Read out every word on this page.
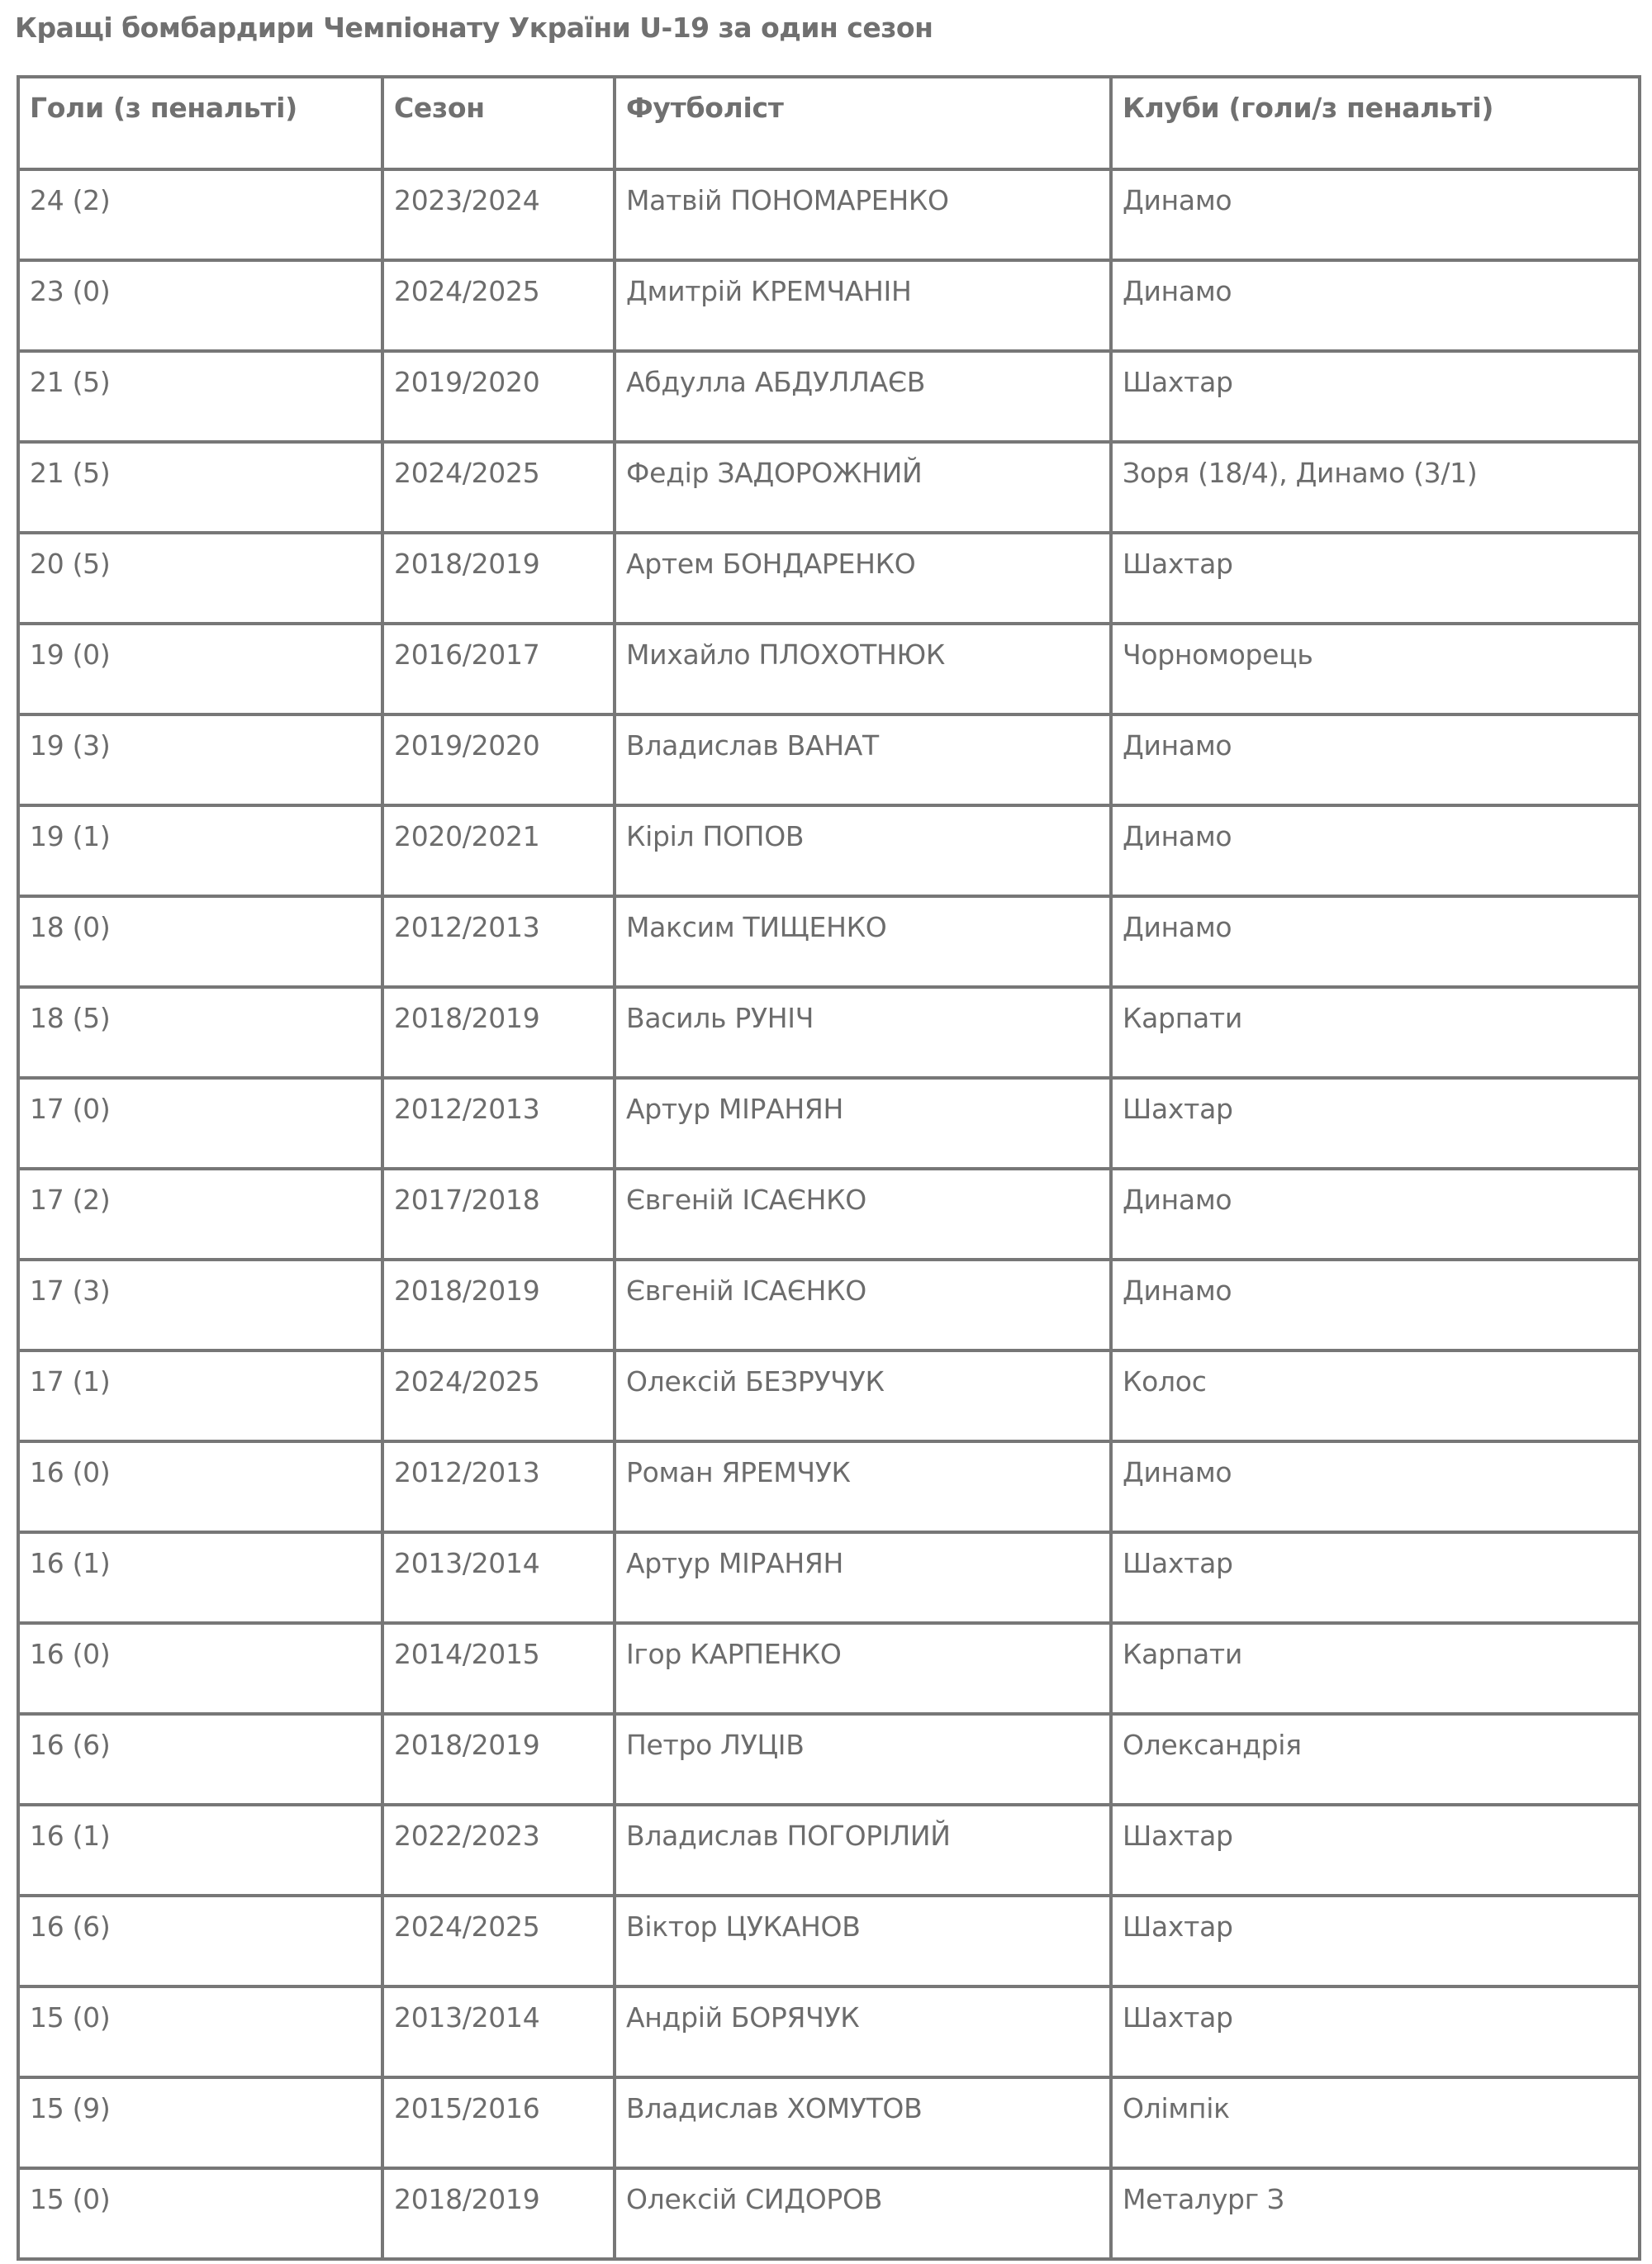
Кращі бомбардири Чемпіонату України U-19 за один сезон
Голи (з пенальті)	Сезон	Футболіст	Клуби (голи/з пенальті)
24 (2)	2023/2024	Матвій ПОНОМАРЕНКО	Динамо
23 (0)	2024/2025	Дмитрій КРЕМЧАНІН	Динамо
21 (5)	2019/2020	Абдулла АБДУЛЛАЄВ	Шахтар
21 (5)	2024/2025	Федір ЗАДОРОЖНИЙ	Зоря (18/4), Динамо (3/1)
20 (5)	2018/2019	Артем БОНДАРЕНКО	Шахтар
19 (0)	2016/2017	Михайло ПЛОХОТНЮК	Чорноморець
19 (3)	2019/2020	Владислав ВАНАТ	Динамо
19 (1)	2020/2021	Кіріл ПОПОВ	Динамо
18 (0)	2012/2013	Максим ТИЩЕНКО	Динамо
18 (5)	2018/2019	Василь РУНІЧ	Карпати
17 (0)	2012/2013	Артур МІРАНЯН	Шахтар
17 (2)	2017/2018	Євгеній ІСАЄНКО	Динамо
17 (3)	2018/2019	Євгеній ІСАЄНКО	Динамо
17 (1)	2024/2025	Олексій БЕЗРУЧУК	Колос
16 (0)	2012/2013	Роман ЯРЕМЧУК	Динамо
16 (1)	2013/2014	Артур МІРАНЯН	Шахтар
16 (0)	2014/2015	Ігор КАРПЕНКО	Карпати
16 (6)	2018/2019	Петро ЛУЦІВ	Олександрія
16 (1)	2022/2023	Владислав ПОГОРІЛИЙ	Шахтар
16 (6)	2024/2025	Віктор ЦУКАНОВ	Шахтар
15 (0)	2013/2014	Андрій БОРЯЧУК	Шахтар
15 (9)	2015/2016	Владислав ХОМУТОВ	Олімпік
15 (0)	2018/2019	Олексій СИДОРОВ	Металург З
